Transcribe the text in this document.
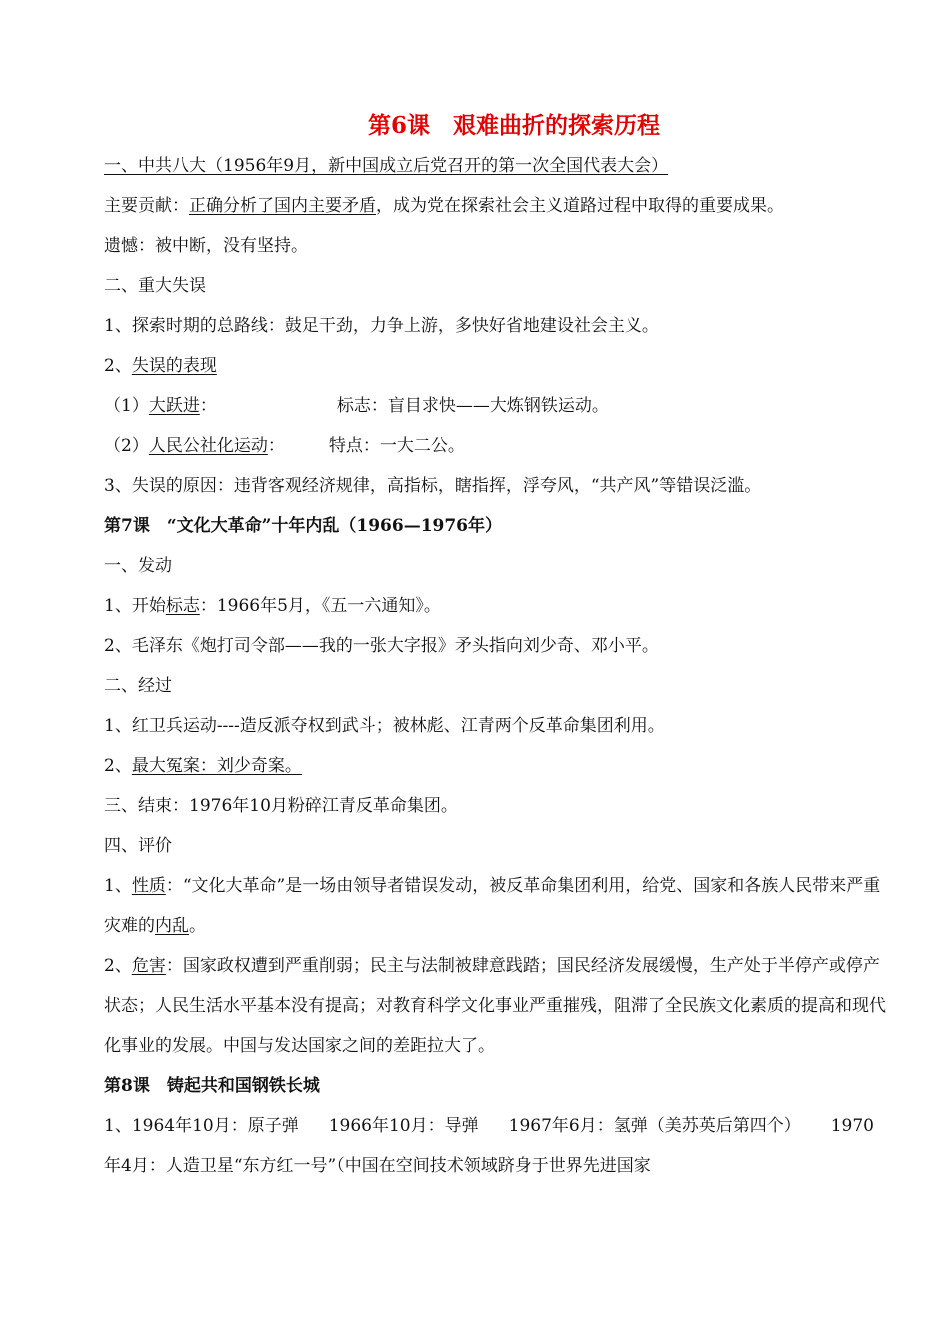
第6课　艰难曲折的探索历程
一、中共八大（1956年9月，新中国成立后党召开的第一次全国代表大会）
主要贡献：正确分析了国内主要矛盾，成为党在探索社会主义道路过程中取得的重要成果。
遗憾：被中断，没有坚持。
二、重大失误
1、探索时期的总路线：鼓足干劲，力争上游，多快好省地建设社会主义。
2、失误的表现
（1）大跃进：	标志：盲目求快——大炼钢铁运动。
（2）人民公社化运动：	特点：一大二公。
3、失误的原因：违背客观经济规律，高指标，瞎指挥，浮夸风，“共产风”等错误泛滥。
第7课　“文化大革命”十年内乱（1966—1976年）
一、发动
1、开始标志：1966年5月，《五一六通知》。
2、毛泽东《炮打司令部——我的一张大字报》矛头指向刘少奇、邓小平。
二、经过
1、红卫兵运动----造反派夺权到武斗；被林彪、江青两个反革命集团利用。
2、最大冤案：刘少奇案。
三、结束：1976年10月粉碎江青反革命集团。
四、评价
1、性质：“文化大革命”是一场由领导者错误发动，被反革命集团利用，给党、国家和各族人民带来严重灾难的内乱。
2、危害：国家政权遭到严重削弱；民主与法制被肆意践踏；国民经济发展缓慢，生产处于半停产或停产状态；人民生活水平基本没有提高；对教育科学文化事业严重摧残，阻滞了全民族文化素质的提高和现代化事业的发展。中国与发达国家之间的差距拉大了。
第8课　铸起共和国钢铁长城
1、1964年10月：原子弹 1966年10月：导弹 1967年6月：氢弹（美苏英后第四个） 1970年4月：人造卫星“东方红一号”（中国在空间技术领域跻身于世界先进国家
